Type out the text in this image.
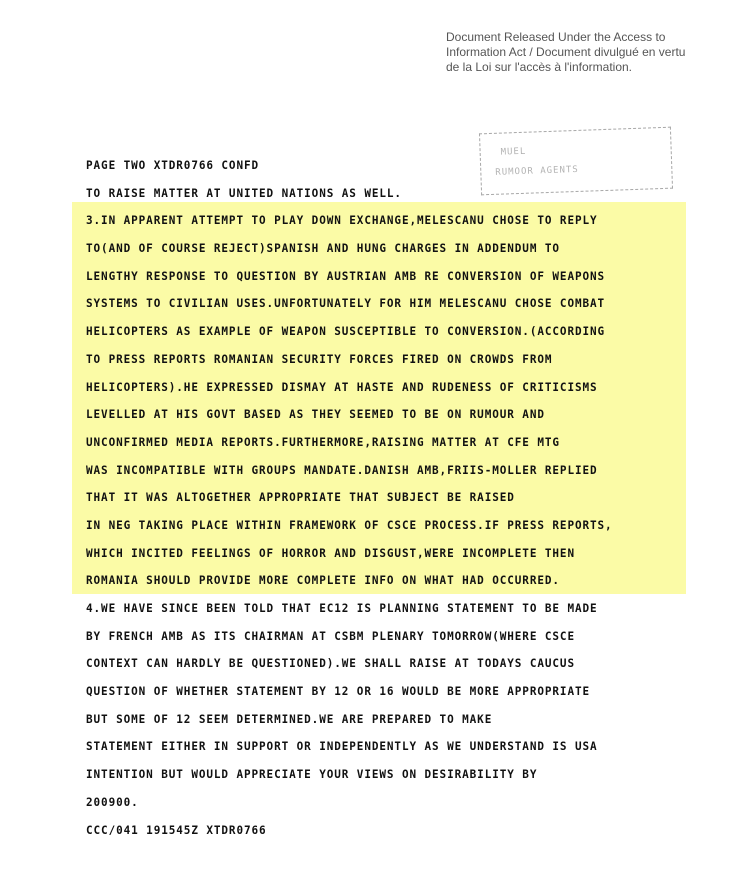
Document Released Under the Access to
Information Act / Document divulgué en vertu
de la Loi sur l'accès à l'information.
MUEL
RUMOOR AGENTS
PAGE TWO XTDR0766 CONFD
TO RAISE MATTER AT UNITED NATIONS AS WELL.
3.IN APPARENT ATTEMPT TO PLAY DOWN EXCHANGE,MELESCANU CHOSE TO REPLY
TO(AND OF COURSE REJECT)SPANISH AND HUNG CHARGES IN ADDENDUM TO
LENGTHY RESPONSE TO QUESTION BY AUSTRIAN AMB RE CONVERSION OF WEAPONS
SYSTEMS TO CIVILIAN USES.UNFORTUNATELY FOR HIM MELESCANU CHOSE COMBAT
HELICOPTERS AS EXAMPLE OF WEAPON SUSCEPTIBLE TO CONVERSION.(ACCORDING
TO PRESS REPORTS ROMANIAN SECURITY FORCES FIRED ON CROWDS FROM
HELICOPTERS).HE EXPRESSED DISMAY AT HASTE AND RUDENESS OF CRITICISMS
LEVELLED AT HIS GOVT BASED AS THEY SEEMED TO BE ON RUMOUR AND
UNCONFIRMED MEDIA REPORTS.FURTHERMORE,RAISING MATTER AT CFE MTG
WAS INCOMPATIBLE WITH GROUPS MANDATE.DANISH AMB,FRIIS-MOLLER REPLIED
THAT IT WAS ALTOGETHER APPROPRIATE THAT SUBJECT BE RAISED
IN NEG TAKING PLACE WITHIN FRAMEWORK OF CSCE PROCESS.IF PRESS REPORTS,
WHICH INCITED FEELINGS OF HORROR AND DISGUST,WERE INCOMPLETE THEN
ROMANIA SHOULD PROVIDE MORE COMPLETE INFO ON WHAT HAD OCCURRED.
4.WE HAVE SINCE BEEN TOLD THAT EC12 IS PLANNING STATEMENT TO BE MADE
BY FRENCH AMB AS ITS CHAIRMAN AT CSBM PLENARY TOMORROW(WHERE CSCE
CONTEXT CAN HARDLY BE QUESTIONED).WE SHALL RAISE AT TODAYS CAUCUS
QUESTION OF WHETHER STATEMENT BY 12 OR 16 WOULD BE MORE APPROPRIATE
BUT SOME OF 12 SEEM DETERMINED.WE ARE PREPARED TO MAKE
STATEMENT EITHER IN SUPPORT OR INDEPENDENTLY AS WE UNDERSTAND IS USA
INTENTION BUT WOULD APPRECIATE YOUR VIEWS ON DESIRABILITY BY
200900.
CCC/041 191545Z XTDR0766
